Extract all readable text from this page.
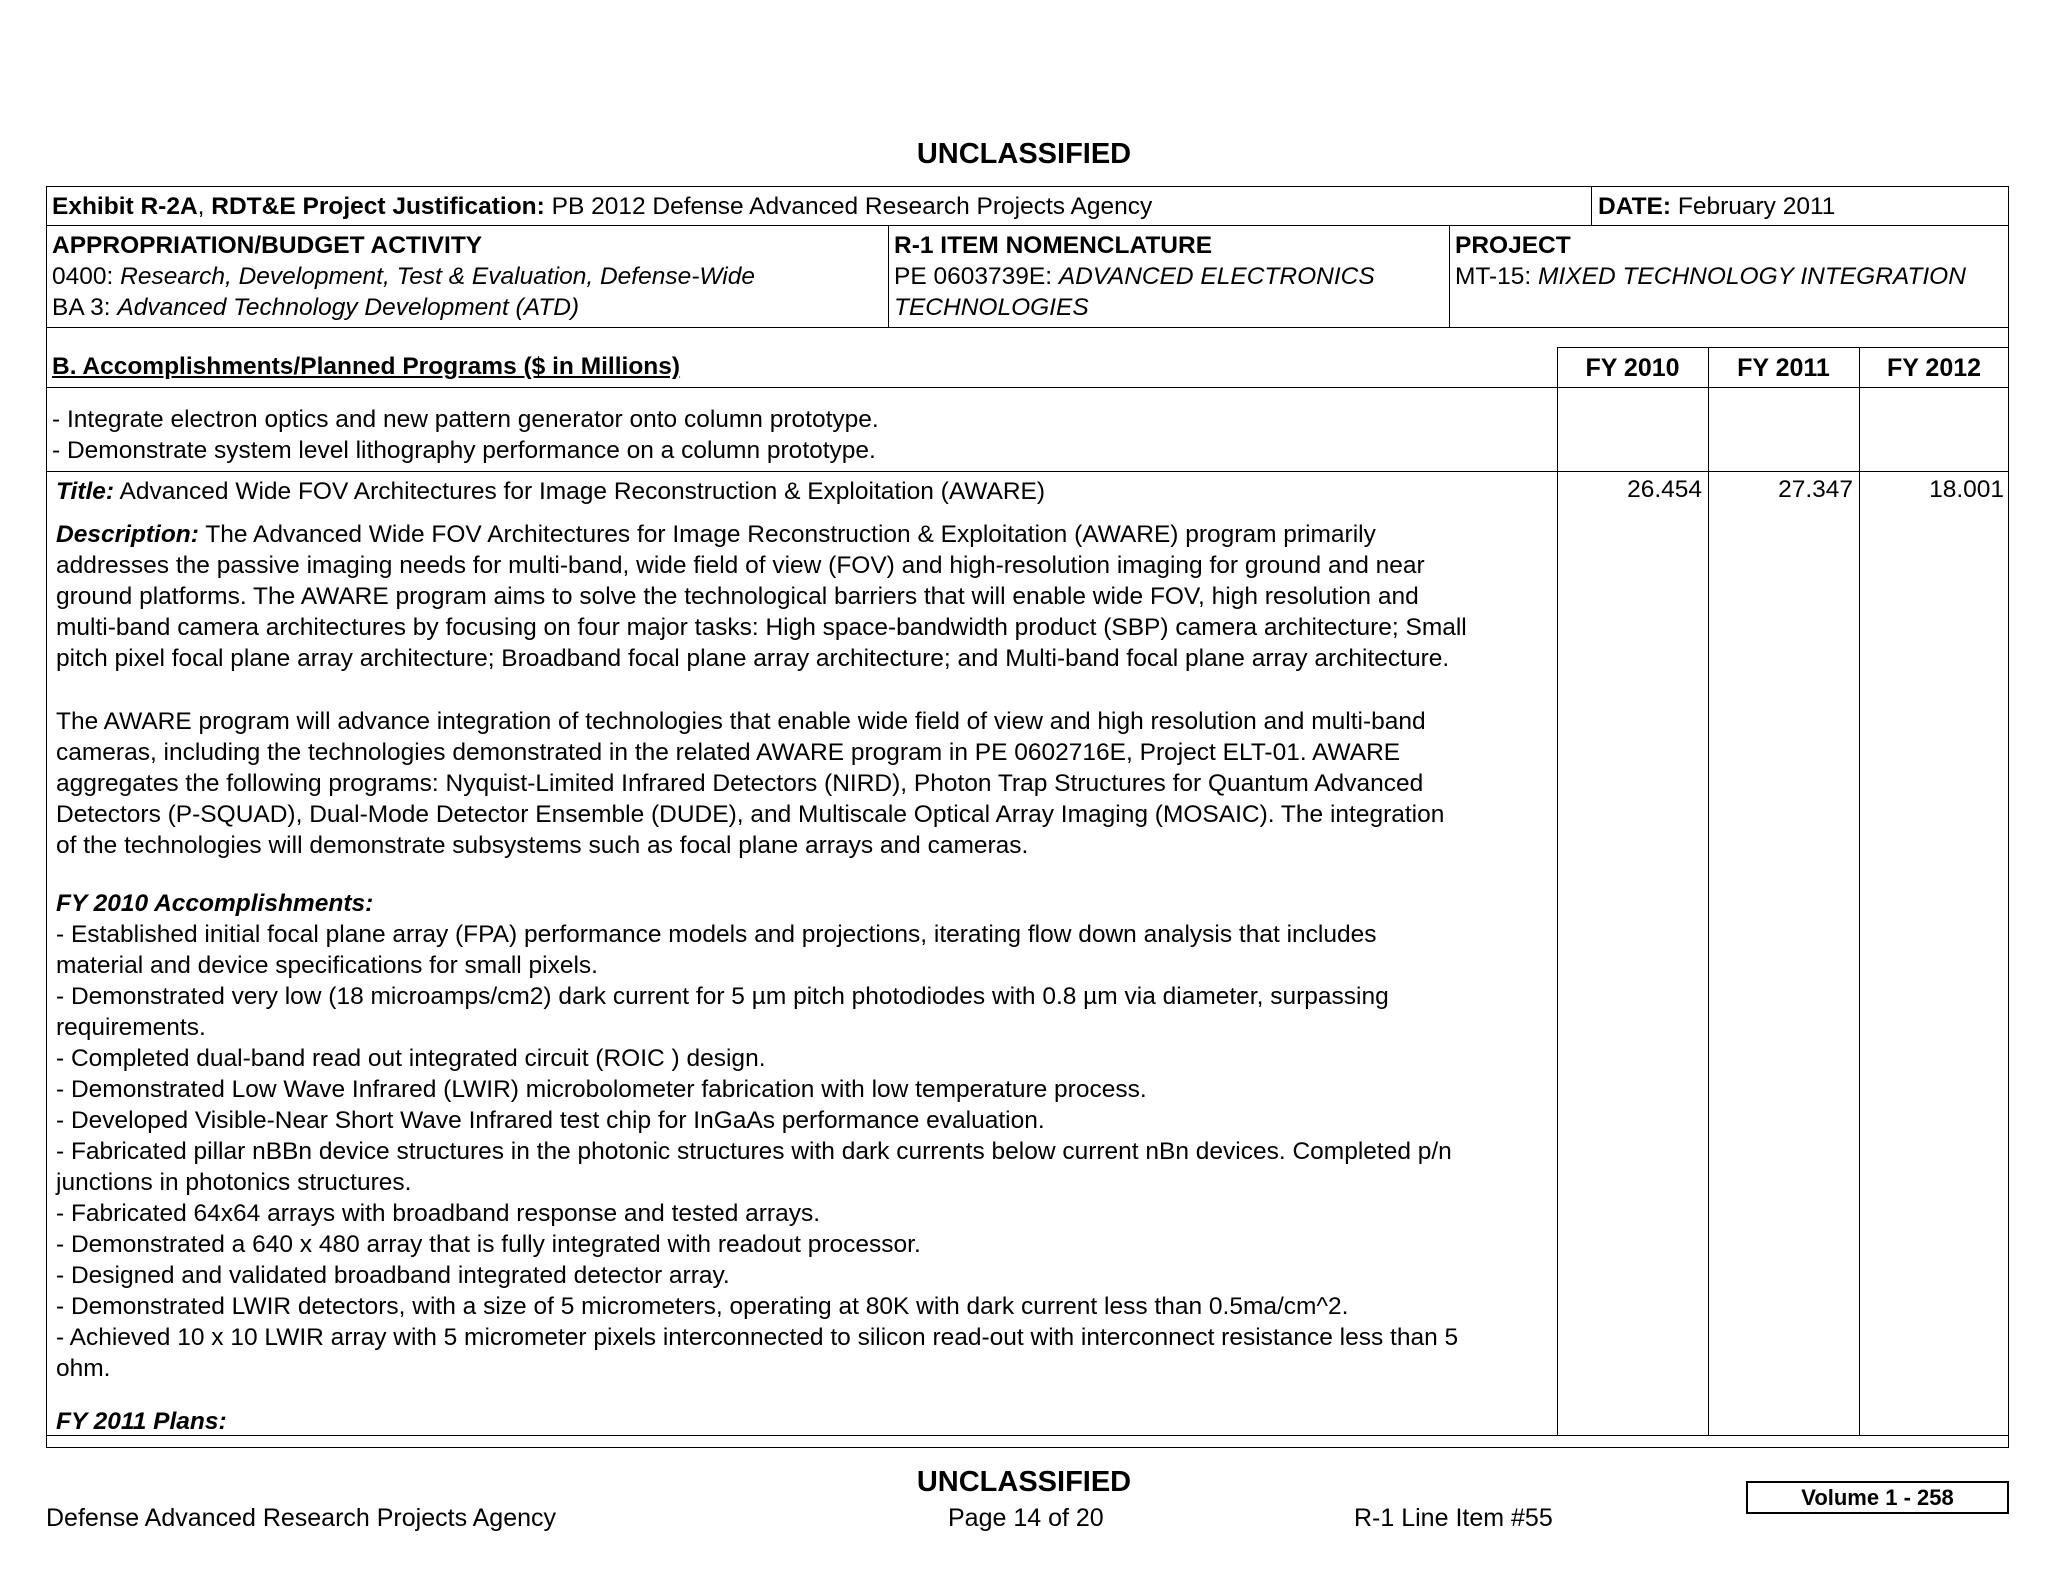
UNCLASSIFIED
Exhibit R-2A, RDT&E Project Justification: PB 2012 Defense Advanced Research Projects Agency	DATE: February 2011
APPROPRIATION/BUDGET ACTIVITY
0400: Research, Development, Test & Evaluation, Defense-Wide
BA 3: Advanced Technology Development (ATD)
R-1 ITEM NOMENCLATURE
PE 0603739E: ADVANCED ELECTRONICS
TECHNOLOGIES
PROJECT
MT-15: MIXED TECHNOLOGY INTEGRATION
B. Accomplishments/Planned Programs ($ in Millions)	FY 2010	FY 2011	FY 2012

- Integrate electron optics and new pattern generator onto column prototype.

- Demonstrate system level lithography performance on a column prototype.

Title: Advanced Wide FOV Architectures for Image Reconstruction & Exploitation (AWARE)	26.454	27.347	18.001

Description: The Advanced Wide FOV Architectures for Image Reconstruction & Exploitation (AWARE) program primarily

addresses the passive imaging needs for multi-band, wide field of view (FOV) and high-resolution imaging for ground and near

ground platforms. The AWARE program aims to solve the technological barriers that will enable wide FOV, high resolution and

multi-band camera architectures by focusing on four major tasks: High space-bandwidth product (SBP) camera architecture; Small

pitch pixel focal plane array architecture; Broadband focal plane array architecture; and Multi-band focal plane array architecture.

The AWARE program will advance integration of technologies that enable wide field of view and high resolution and multi-band

cameras, including the technologies demonstrated in the related AWARE program in PE 0602716E, Project ELT-01. AWARE

aggregates the following programs: Nyquist-Limited Infrared Detectors (NIRD), Photon Trap Structures for Quantum Advanced

Detectors (P-SQUAD), Dual-Mode Detector Ensemble (DUDE), and Multiscale Optical Array Imaging (MOSAIC). The integration

of the technologies will demonstrate subsystems such as focal plane arrays and cameras.

FY 2010 Accomplishments:

- Established initial focal plane array (FPA) performance models and projections, iterating flow down analysis that includes

material and device specifications for small pixels.

- Demonstrated very low (18 microamps/cm2) dark current for 5 µm pitch photodiodes with 0.8 µm via diameter, surpassing

requirements.

- Completed dual-band read out integrated circuit (ROIC ) design.

- Demonstrated Low Wave Infrared (LWIR) microbolometer fabrication with low temperature process.

- Developed Visible-Near Short Wave Infrared test chip for InGaAs performance evaluation.

- Fabricated pillar nBBn device structures in the photonic structures with dark currents below current nBn devices. Completed p/n

junctions in photonics structures.

- Fabricated 64x64 arrays with broadband response and tested arrays.

- Demonstrated a 640 x 480 array that is fully integrated with readout processor.

- Designed and validated broadband integrated detector array.

- Demonstrated LWIR detectors, with a size of 5 micrometers, operating at 80K with dark current less than 0.5ma/cm^2.

- Achieved 10 x 10 LWIR array with 5 micrometer pixels interconnected to silicon read-out with interconnect resistance less than 5

ohm.

FY 2011 Plans:
UNCLASSIFIED
Defense Advanced Research Projects Agency	Page 14 of 20	R-1 Line Item #55
Volume 1 - 258
